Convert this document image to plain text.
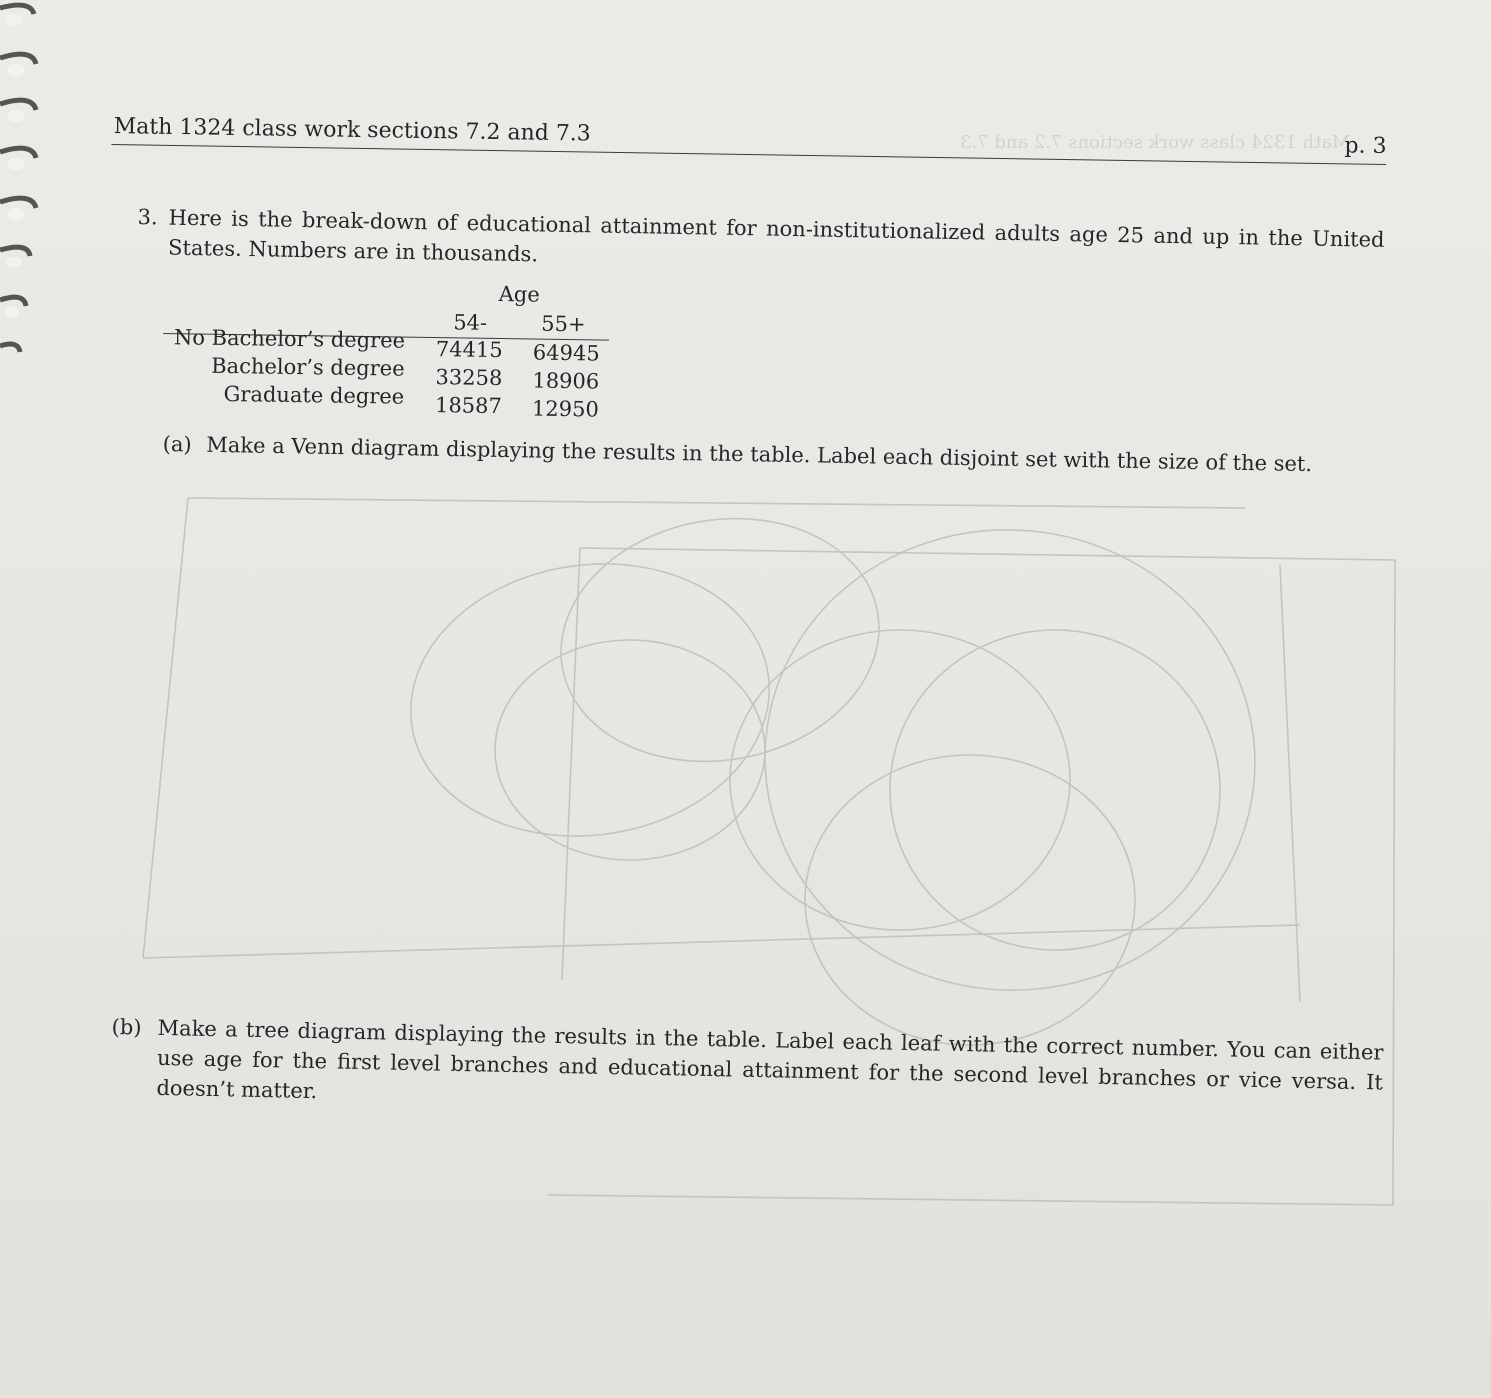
Math 1324 class work sections 7.2 and 7.3
Math 1324 class work sections 7.2 and 7.3	p. 3
3. Here is the break-down of educational attainment for non-institutionalized adults age 25 and up in the United States. Numbers are in thousands.
Age
54-	55+
No Bachelor’s degree 74415 64945
Bachelor’s degree 33258 18906
Graduate degree 18587 12950
(a) Make a Venn diagram displaying the results in the table. Label each disjoint set with the size of the set.
(b) Make a tree diagram displaying the results in the table. Label each leaf with the correct number. You can either use age for the first level branches and educational attainment for the second level branches or vice versa. It doesn’t matter.
